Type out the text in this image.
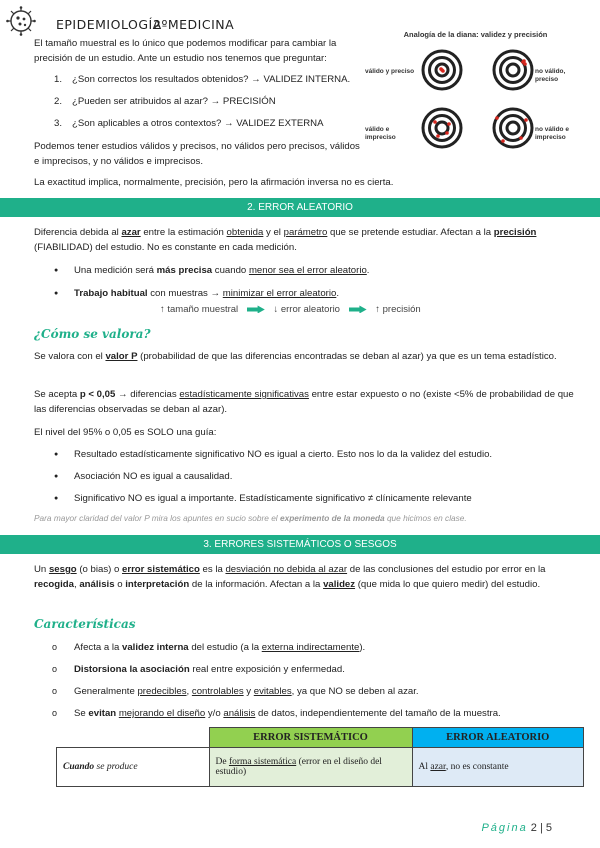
EPIDEMIOLOGÍA
2ºMEDICINA

El tamaño muestral es lo único que podemos modificar para cambiar la precisión de un estudio. Ante un estudio nos tenemos que preguntar:

1. ¿Son correctos los resultados obtenidos? → VALIDEZ INTERNA.
2. ¿Pueden ser atribuidos al azar? → PRECISIÓN
3. ¿Son aplicables a otros contextos? → VALIDEZ EXTERNA

Podemos tener estudios válidos y precisos, no válidos pero precisos, válidos e imprecisos, y no válidos e imprecisos.

La exactitud implica, normalmente, precisión, pero la afirmación inversa no es cierta.

Analogía de la diana: validez y precisión
válido y preciso	no válido, preciso
válido e impreciso
no válido e impreciso
2. ERROR ALEATORIO

Diferencia debida al azar entre la estimación obtenida y el parámetro que se pretende estudiar. Afectan a la precisión (FIABILIDAD) del estudio. No es constante en cada medición.

● Una medición será más precisa cuando menor sea el error aleatorio.
● Trabajo habitual con muestras → minimizar el error aleatorio.
↑ tamaño muestral	↓ error aleatorio	↑ precisión
¿Cómo se valora?

Se valora con el valor P (probabilidad de que las diferencias encontradas se deban al azar) ya que es un tema estadístico.

Se acepta p < 0,05 → diferencias estadísticamente significativas entre estar expuesto o no (existe <5% de probabilidad de que las diferencias observadas se deban al azar).

El nivel del 95% o 0,05 es SOLO una guía:

● Resultado estadísticamente significativo NO es igual a cierto. Esto nos lo da la validez del estudio.
● Asociación NO es igual a causalidad.
● Significativo NO es igual a importante. Estadísticamente significativo ≠ clínicamente relevante
Para mayor claridad del valor P mira los apuntes en sucio sobre el experimento de la moneda que hicimos en clase.
3. ERRORES SISTEMÁTICOS O SESGOS

Un sesgo (o bias) o error sistemático es la desviación no debida al azar de las conclusiones del estudio por error en la recogida, análisis o interpretación de la información. Afectan a la validez (que mida lo que quiero medir) del estudio.

Características
o Afecta a la validez interna del estudio (a la externa indirectamente).
o Distorsiona la asociación real entre exposición y enfermedad.
o Generalmente predecibles, controlables y evitables, ya que NO se deben al azar.
o Se evitan mejorando el diseño y/o análisis de datos, independientemente del tamaño de la muestra.
	ERROR SISTEMÁTICO	ERROR ALEATORIO
Cuando se produce	De forma sistemática (error en el diseño del estudio)	Al azar, no es constante
Página 2 | 5
